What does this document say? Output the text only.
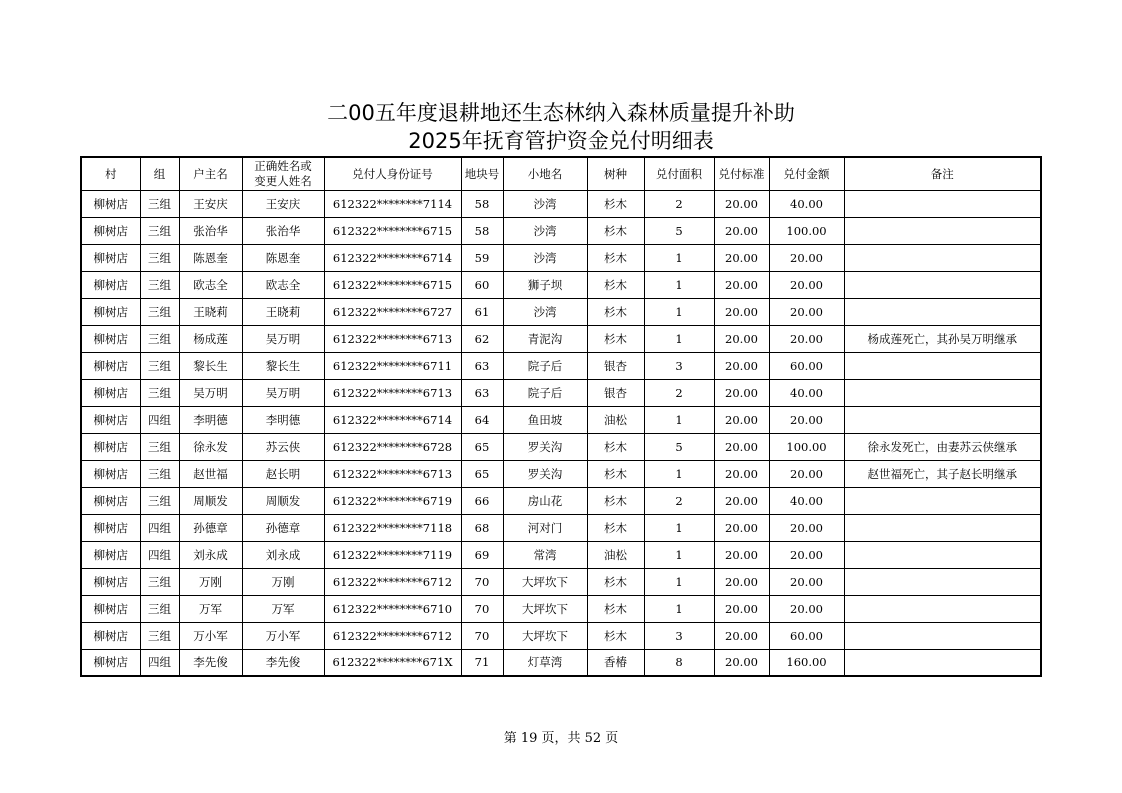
二00五年度退耕地还生态林纳入森林质量提升补助
2025年抚育管护资金兑付明细表
村	组	户主名	正确姓名或
变更人姓名	兑付人身份证号	地块号	小地名	树种	兑付面积	兑付标准	兑付金额	备注
柳树店	三组	王安庆	王安庆	612322********7114	58	沙湾	杉木	2	20.00	40.00	
柳树店	三组	张治华	张治华	612322********6715	58	沙湾	杉木	5	20.00	100.00	
柳树店	三组	陈恩奎	陈恩奎	612322********6714	59	沙湾	杉木	1	20.00	20.00	
柳树店	三组	欧志全	欧志全	612322********6715	60	狮子坝	杉木	1	20.00	20.00	
柳树店	三组	王晓莉	王晓莉	612322********6727	61	沙湾	杉木	1	20.00	20.00	
柳树店	三组	杨成莲	吴万明	612322********6713	62	青泥沟	杉木	1	20.00	20.00	杨成莲死亡，其孙吴万明继承
柳树店	三组	黎长生	黎长生	612322********6711	63	院子后	银杏	3	20.00	60.00	
柳树店	三组	吴万明	吴万明	612322********6713	63	院子后	银杏	2	20.00	40.00	
柳树店	四组	李明德	李明德	612322********6714	64	鱼田坡	油松	1	20.00	20.00	
柳树店	三组	徐永发	苏云侠	612322********6728	65	罗关沟	杉木	5	20.00	100.00	徐永发死亡，由妻苏云侠继承
柳树店	三组	赵世福	赵长明	612322********6713	65	罗关沟	杉木	1	20.00	20.00	赵世福死亡，其子赵长明继承
柳树店	三组	周顺发	周顺发	612322********6719	66	房山花	杉木	2	20.00	40.00	
柳树店	四组	孙德章	孙德章	612322********7118	68	河对门	杉木	1	20.00	20.00	
柳树店	四组	刘永成	刘永成	612322********7119	69	常湾	油松	1	20.00	20.00	
柳树店	三组	万刚	万刚	612322********6712	70	大坪坎下	杉木	1	20.00	20.00	
柳树店	三组	万军	万军	612322********6710	70	大坪坎下	杉木	1	20.00	20.00	
柳树店	三组	万小军	万小军	612322********6712	70	大坪坎下	杉木	3	20.00	60.00	
柳树店	四组	李先俊	李先俊	612322********671X	71	灯草湾	香椿	8	20.00	160.00	
第 19 页，共 52 页
